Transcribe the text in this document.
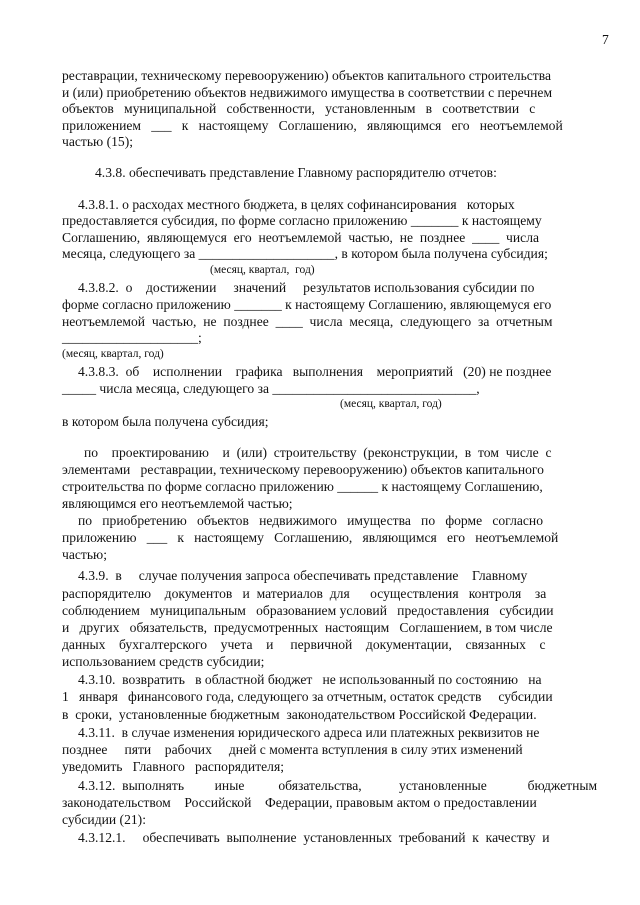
7
реставрации, техническому перевооружению) объектов капитального строительства
и (или) приобретению объектов недвижимого имущества в соответствии с перечнем
объектов   муниципальной   собственности,   установленным   в   соответствии   с
приложением   ___   к   настоящему   Соглашению,   являющимся   его   неотъемлемой
частью (15);
4.3.8. обеспечивать представление Главному распорядителю отчетов:
4.3.8.1. о расходах местного бюджета, в целях софинансирования   которых
предоставляется субсидия, по форме согласно приложению _______ к настоящему
Соглашению,  являющемуся  его  неотъемлемой  частью,  не  позднее  ____  числа
месяца, следующего за ____________________, в котором была получена субсидия;
(месяц, квартал,  год)
4.3.8.2.  о    достижении     значений     результатов использования субсидии по
форме согласно приложению _______ к настоящему Соглашению, являющемуся его
неотъемлемой  частью,  не  позднее  ____  числа  месяца,  следующего  за  отчетным
____________________;
(месяц, квартал, год)
4.3.8.3.  об    исполнении    графика   выполнения    мероприятий   (20) не позднее
_____ числа месяца, следующего за ______________________________,
(месяц, квартал, год)
в котором была получена субсидия;
по    проектированию    и  (или)  строительству  (реконструкции,  в  том  числе  с
элементами   реставрации, техническому перевооружению) объектов капитального
строительства по форме согласно приложению ______ к настоящему Соглашению,
являющимся его неотъемлемой частью;
по   приобретению   объектов   недвижимого   имущества   по   форме   согласно
приложению   ___   к   настоящему   Соглашению,   являющимся   его   неотъемлемой
частью;
4.3.9.  в     случае получения запроса обеспечивать представление    Главному
распорядителю    документов   и  материалов  для      осуществления   контроля    за
соблюдением   муниципальным   образованием условий   предоставления   субсидии
и   других   обязательств,  предусмотренных  настоящим   Соглашением, в том числе
данных    бухгалтерского    учета    и     первичной    документации,    связанных    с
использованием средств субсидии;
4.3.10.  возвратить   в областной бюджет   не использованный по состоянию   на
1   января   финансового года, следующего за отчетным, остаток средств     субсидии
в  сроки,  установленные бюджетным  законодательством Российской Федерации.
4.3.11.  в случае изменения юридического адреса или платежных реквизитов не
позднее     пяти    рабочих     дней с момента вступления в силу этих изменений
уведомить   Главного   распорядителя;
4.3.12.  выполнять         иные          обязательства,           установленные            бюджетным
законодательством    Российской    Федерации, правовым актом о предоставлении
субсидии (21):
4.3.12.1.     обеспечивать  выполнение  установленных  требований  к  качеству  и
